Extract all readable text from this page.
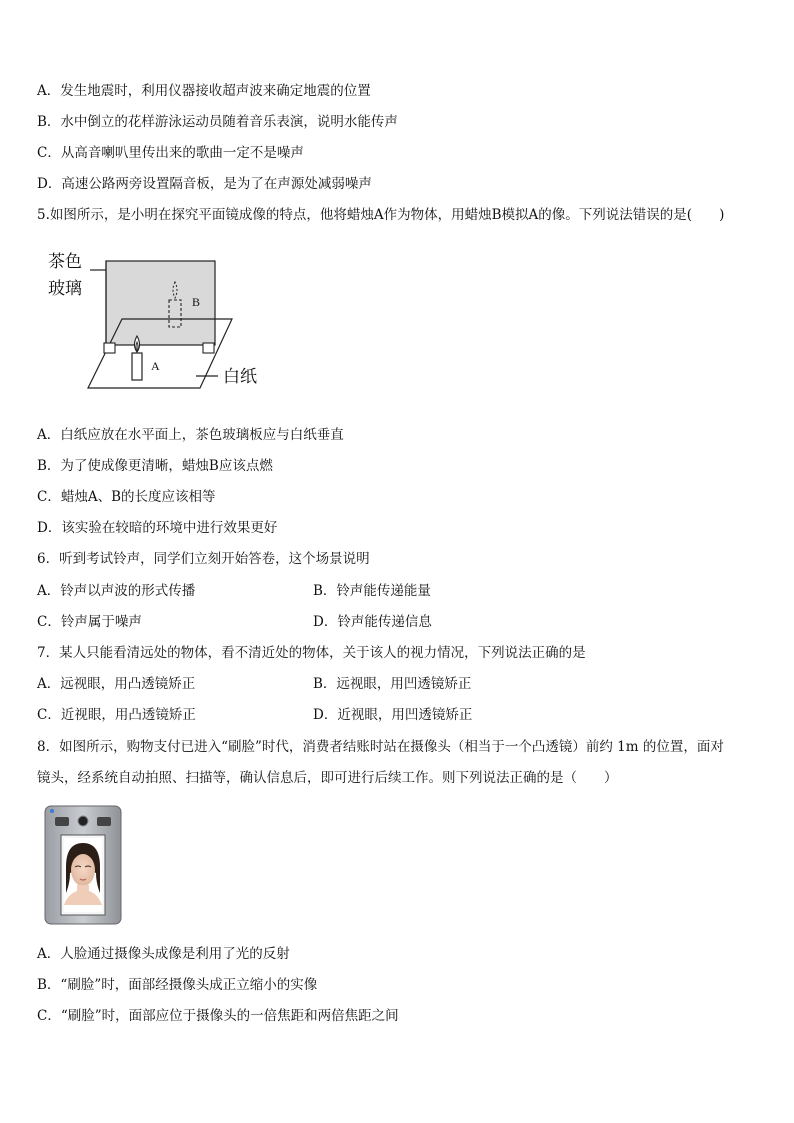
A．发生地震时，利用仪器接收超声波来确定地震的位置
B．水中倒立的花样游泳运动员随着音乐表演，说明水能传声
C．从高音喇叭里传出来的歌曲一定不是噪声
D．高速公路两旁设置隔音板，是为了在声源处减弱噪声
5.如图所示，是小明在探究平面镜成像的特点，他将蜡烛A作为物体，用蜡烛B模拟A的像。下列说法错误的是(　　)
茶色
玻璃
白纸
A
B
A．白纸应放在水平面上，茶色玻璃板应与白纸垂直
B．为了使成像更清晰，蜡烛B应该点燃
C．蜡烛A、B的长度应该相等
D．该实验在较暗的环境中进行效果更好
6．听到考试铃声，同学们立刻开始答卷，这个场景说明
A．铃声以声波的形式传播	B．铃声能传递能量
C．铃声属于噪声	D．铃声能传递信息
7．某人只能看清远处的物体，看不清近处的物体，关于该人的视力情况，下列说法正确的是
A．远视眼，用凸透镜矫正	B．远视眼，用凹透镜矫正
C．近视眼，用凸透镜矫正	D．近视眼，用凹透镜矫正
8．如图所示，购物支付已进入“刷脸”时代，消费者结账时站在摄像头（相当于一个凸透镜）前约 1m 的位置，面对
镜头，经系统自动拍照、扫描等，确认信息后，即可进行后续工作。则下列说法正确的是（　　）
A．人脸通过摄像头成像是利用了光的反射
B．“刷脸”时，面部经摄像头成正立缩小的实像
C．“刷脸”时，面部应位于摄像头的一倍焦距和两倍焦距之间
